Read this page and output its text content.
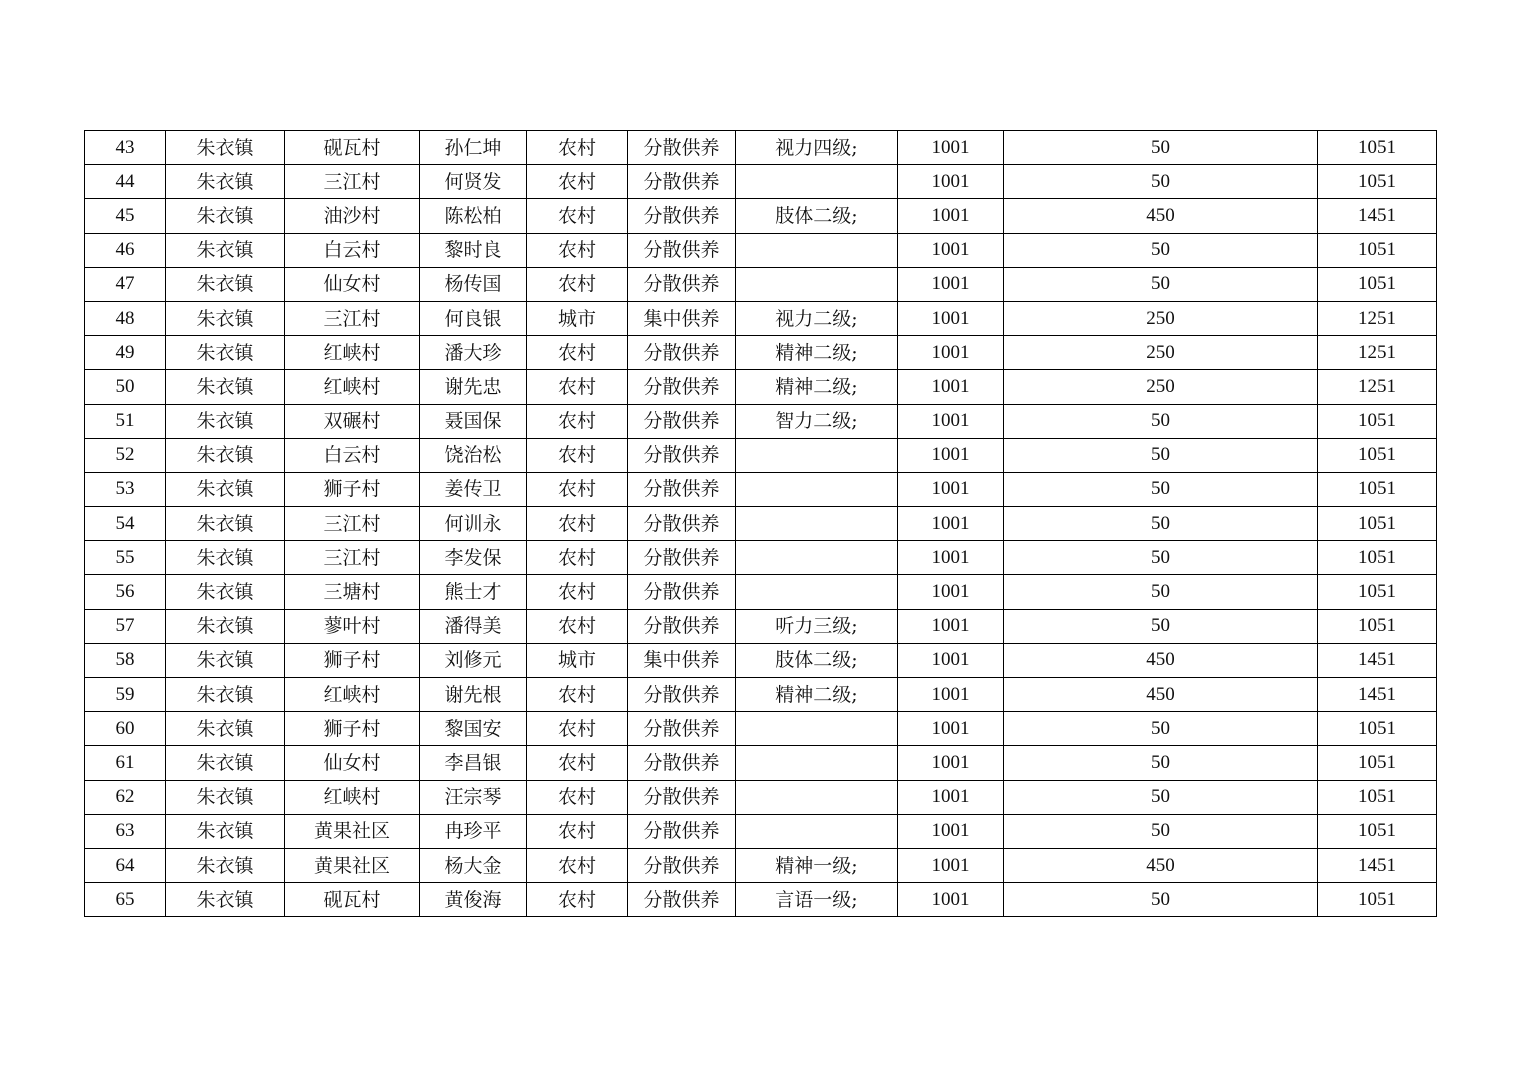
43	朱衣镇	砚瓦村	孙仁坤	农村	分散供养	视力四级;	1001	50	1051
44	朱衣镇	三江村	何贤发	农村	分散供养		1001	50	1051
45	朱衣镇	油沙村	陈松柏	农村	分散供养	肢体二级;	1001	450	1451
46	朱衣镇	白云村	黎时良	农村	分散供养		1001	50	1051
47	朱衣镇	仙女村	杨传国	农村	分散供养		1001	50	1051
48	朱衣镇	三江村	何良银	城市	集中供养	视力二级;	1001	250	1251
49	朱衣镇	红峡村	潘大珍	农村	分散供养	精神二级;	1001	250	1251
50	朱衣镇	红峡村	谢先忠	农村	分散供养	精神二级;	1001	250	1251
51	朱衣镇	双碾村	聂国保	农村	分散供养	智力二级;	1001	50	1051
52	朱衣镇	白云村	饶治松	农村	分散供养		1001	50	1051
53	朱衣镇	狮子村	姜传卫	农村	分散供养		1001	50	1051
54	朱衣镇	三江村	何训永	农村	分散供养		1001	50	1051
55	朱衣镇	三江村	李发保	农村	分散供养		1001	50	1051
56	朱衣镇	三塘村	熊士才	农村	分散供养		1001	50	1051
57	朱衣镇	蓼叶村	潘得美	农村	分散供养	听力三级;	1001	50	1051
58	朱衣镇	狮子村	刘修元	城市	集中供养	肢体二级;	1001	450	1451
59	朱衣镇	红峡村	谢先根	农村	分散供养	精神二级;	1001	450	1451
60	朱衣镇	狮子村	黎国安	农村	分散供养		1001	50	1051
61	朱衣镇	仙女村	李昌银	农村	分散供养		1001	50	1051
62	朱衣镇	红峡村	汪宗琴	农村	分散供养		1001	50	1051
63	朱衣镇	黄果社区	冉珍平	农村	分散供养		1001	50	1051
64	朱衣镇	黄果社区	杨大金	农村	分散供养	精神一级;	1001	450	1451
65	朱衣镇	砚瓦村	黄俊海	农村	分散供养	言语一级;	1001	50	1051
